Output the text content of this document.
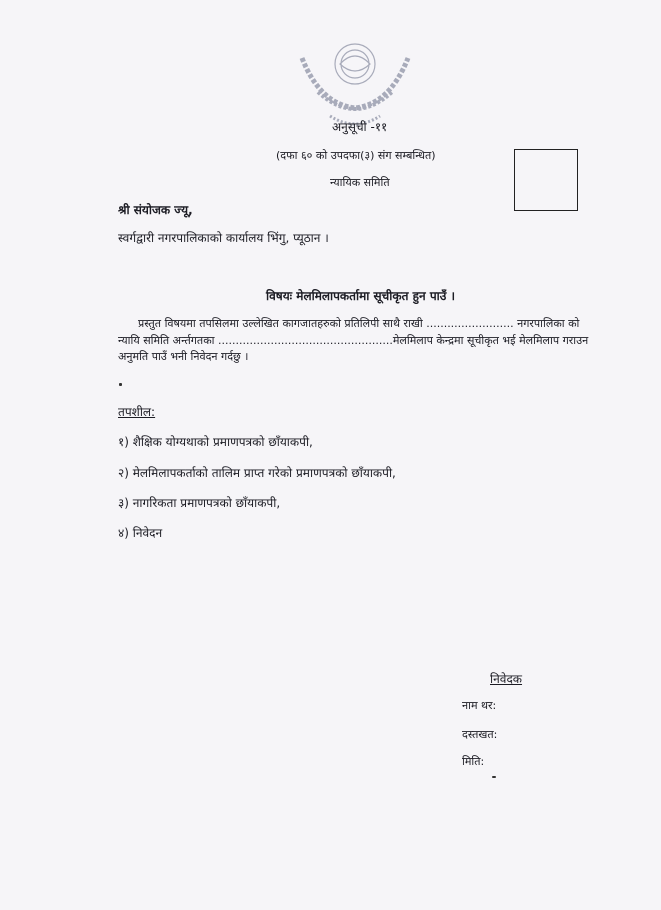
अनुसूची -११
(दफा ६० को उपदफा(३) संग सम्बन्धित)
न्यायिक समिति
श्री संयोजक ज्यू,
स्वर्गद्वारी नगरपालिकाको कार्यालय भिंगु, प्यूठान ।
विषयः मेलमिलापकर्तामा सूचीकृत हुन पाउँ ।
प्रस्तुत विषयमा तपसिलमा उल्लेखित कागजातहरुको प्रतिलिपी साथै राखी ......................... नगरपालिका को
न्यायि समिति अर्न्तगतका ..................................................मेलमिलाप केन्द्रमा सूचीकृत भई मेलमिलाप गराउन
अनुमति पाउँ भनी निवेदन गर्दछु ।
तपशील:
१) शैक्षिक योग्यथाको प्रमाणपत्रको छाँयाकपी,
२) मेलमिलापकर्ताको तालिम प्राप्त गरेको प्रमाणपत्रको छाँयाकपी,
३) नागरिकता प्रमाणपत्रको छाँयाकपी,
४) निवेदन
निवेदक
नाम थर:
दस्तखत:
मिति:
